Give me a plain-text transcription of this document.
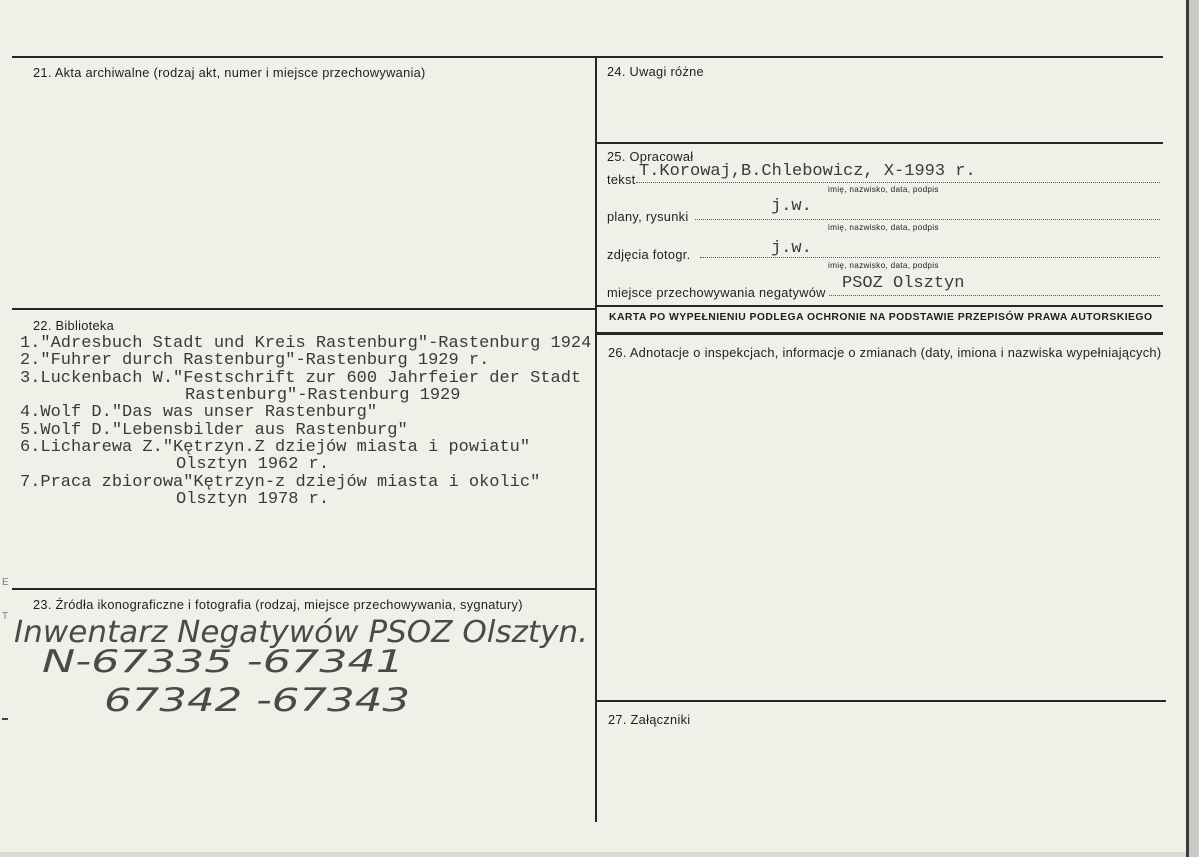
E
T
21. Akta archiwalne (rodzaj akt, numer i miejsce przechowywania)
22. Biblioteka
1."Adresbuch Stadt und Kreis Rastenburg"-Rastenburg 1924
2."Fuhrer durch Rastenburg"-Rastenburg 1929 r.
3.Luckenbach W."Festschrift zur 600 Jahrfeier der Stadt
Rastenburg"-Rastenburg 1929
4.Wolf D."Das was unser Rastenburg"
5.Wolf D."Lebensbilder aus Rastenburg"
6.Licharewa Z."Kętrzyn.Z dziejów miasta i powiatu"
Olsztyn 1962 r.
7.Praca zbiorowa"Kętrzyn-z dziejów miasta i okolic"
Olsztyn 1978 r.
23. Źródła ikonograficzne i fotografia (rodzaj, miejsce przechowywania, sygnatury)
Inwentarz Negatywów PSOZ Olsztyn.
N-67335 -67341
67342 -67343
24. Uwagi różne
25. Opracował
tekst T.Korowaj,B.Chlebowicz, X-1993 r.
imię, nazwisko, data, podpis
plany, rysunki
j.w.
imię, nazwisko, data, podpis
zdjęcia fotogr.	j.w.
imię, nazwisko, data, podpis
miejsce przechowywania negatywów PSOZ Olsztyn
KARTA PO WYPEŁNIENIU PODLEGA OCHRONIE NA PODSTAWIE PRZEPISÓW PRAWA AUTORSKIEGO
26. Adnotacje o inspekcjach, informacje o zmianach (daty, imiona i nazwiska wypełniających)
27. Załączniki
